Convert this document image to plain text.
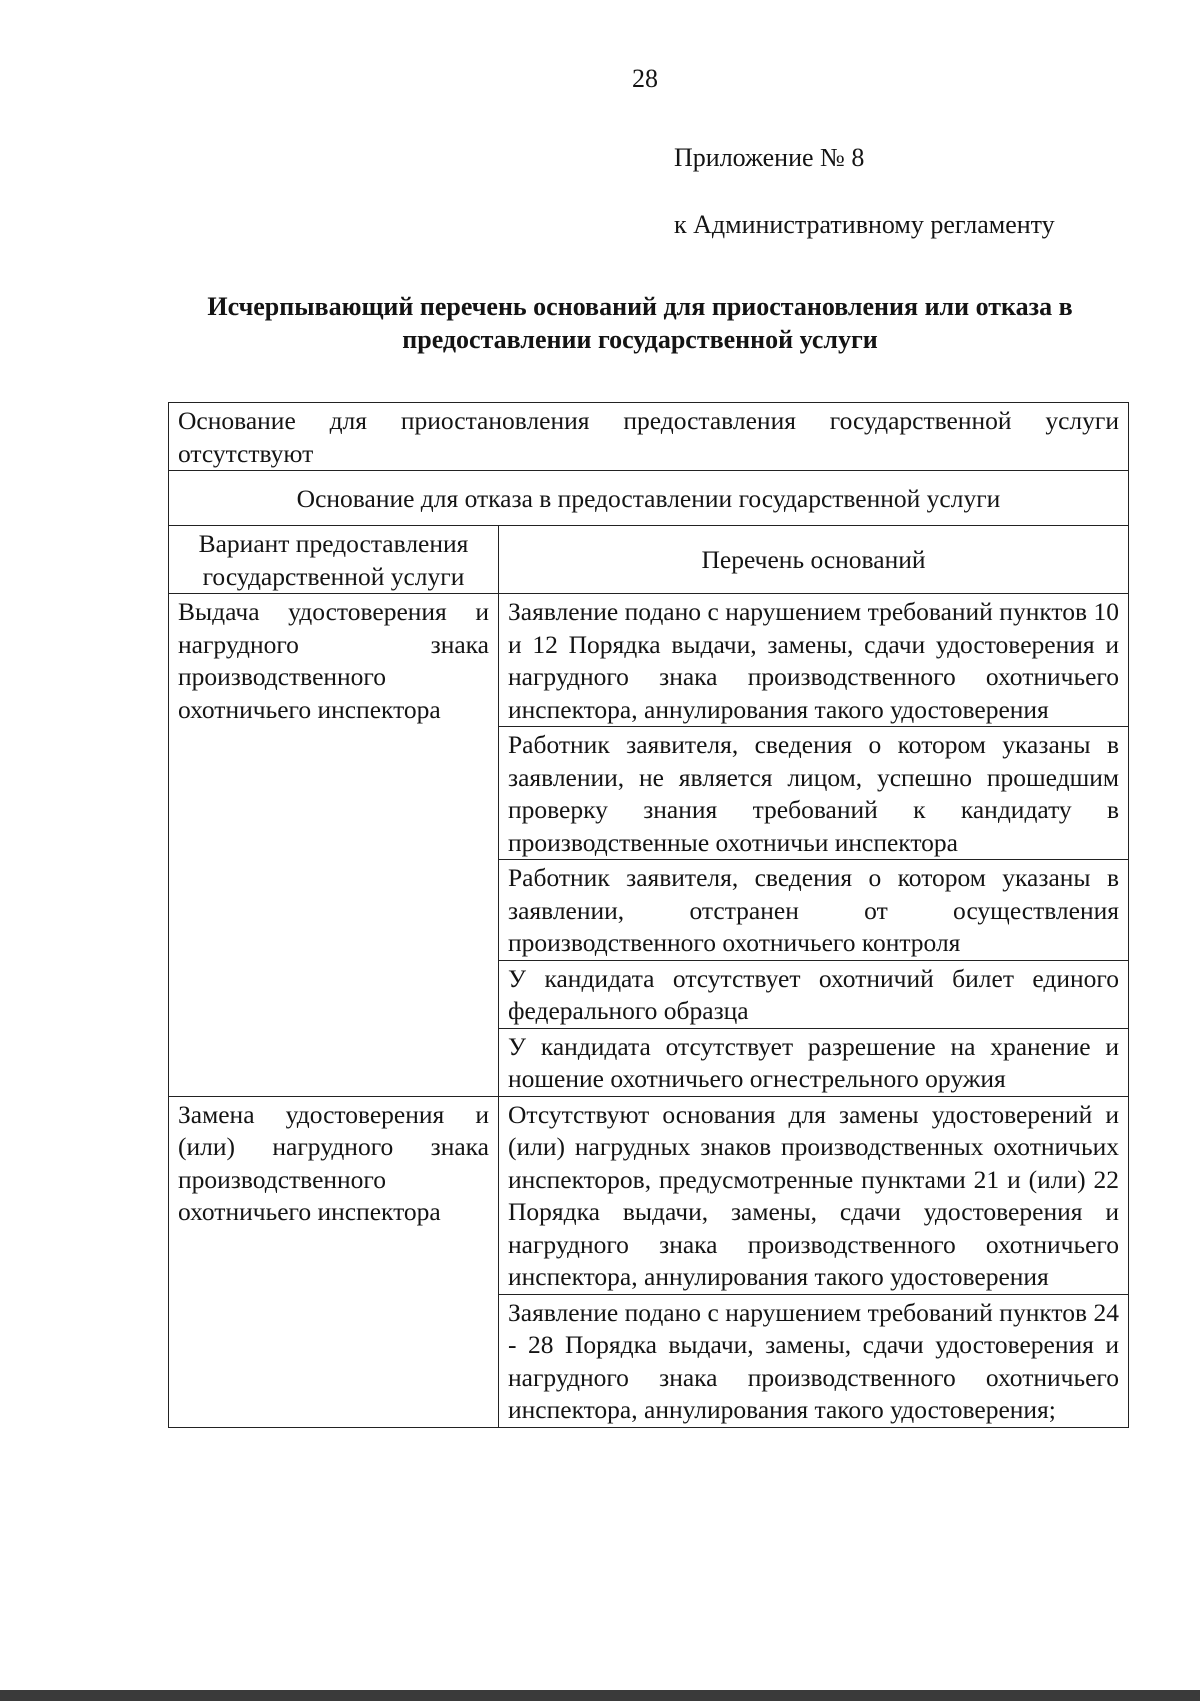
28
Приложение № 8
к Административному регламенту
Исчерпывающий перечень оснований для приостановления или отказа в предоставлении государственной услуги
Основание для приостановления предоставления государственной услуги отсутствуют	
Основание для отказа в предоставлении государственной услуги	
Вариант предоставления государственной услуги	Перечень оснований
Выдача удостоверения и нагрудного знака производственного охотничьего инспектора	Заявление подано с нарушением требований пунктов 10 и 12 Порядка выдачи, замены, сдачи удостоверения и нагрудного знака производственного охотничьего инспектора, аннулирования такого удостоверения
	Работник заявителя, сведения о котором указаны в заявлении, не является лицом, успешно прошедшим проверку знания требований к кандидату в производственные охотничьи инспектора
	Работник заявителя, сведения о котором указаны в заявлении, отстранен от осуществления производственного охотничьего контроля
	У кандидата отсутствует охотничий билет единого федерального образца
	У кандидата отсутствует разрешение на хранение и ношение охотничьего огнестрельного оружия
Замена удостоверения и (или) нагрудного знака производственного охотничьего инспектора	Отсутствуют основания для замены удостоверений и (или) нагрудных знаков производственных охотничьих инспекторов, предусмотренные пунктами 21 и (или) 22 Порядка выдачи, замены, сдачи удостоверения и нагрудного знака производственного охотничьего инспектора, аннулирования такого удостоверения
	Заявление подано с нарушением требований пунктов 24 - 28 Порядка выдачи, замены, сдачи удостоверения и нагрудного знака производственного охотничьего инспектора, аннулирования такого удостоверения;
